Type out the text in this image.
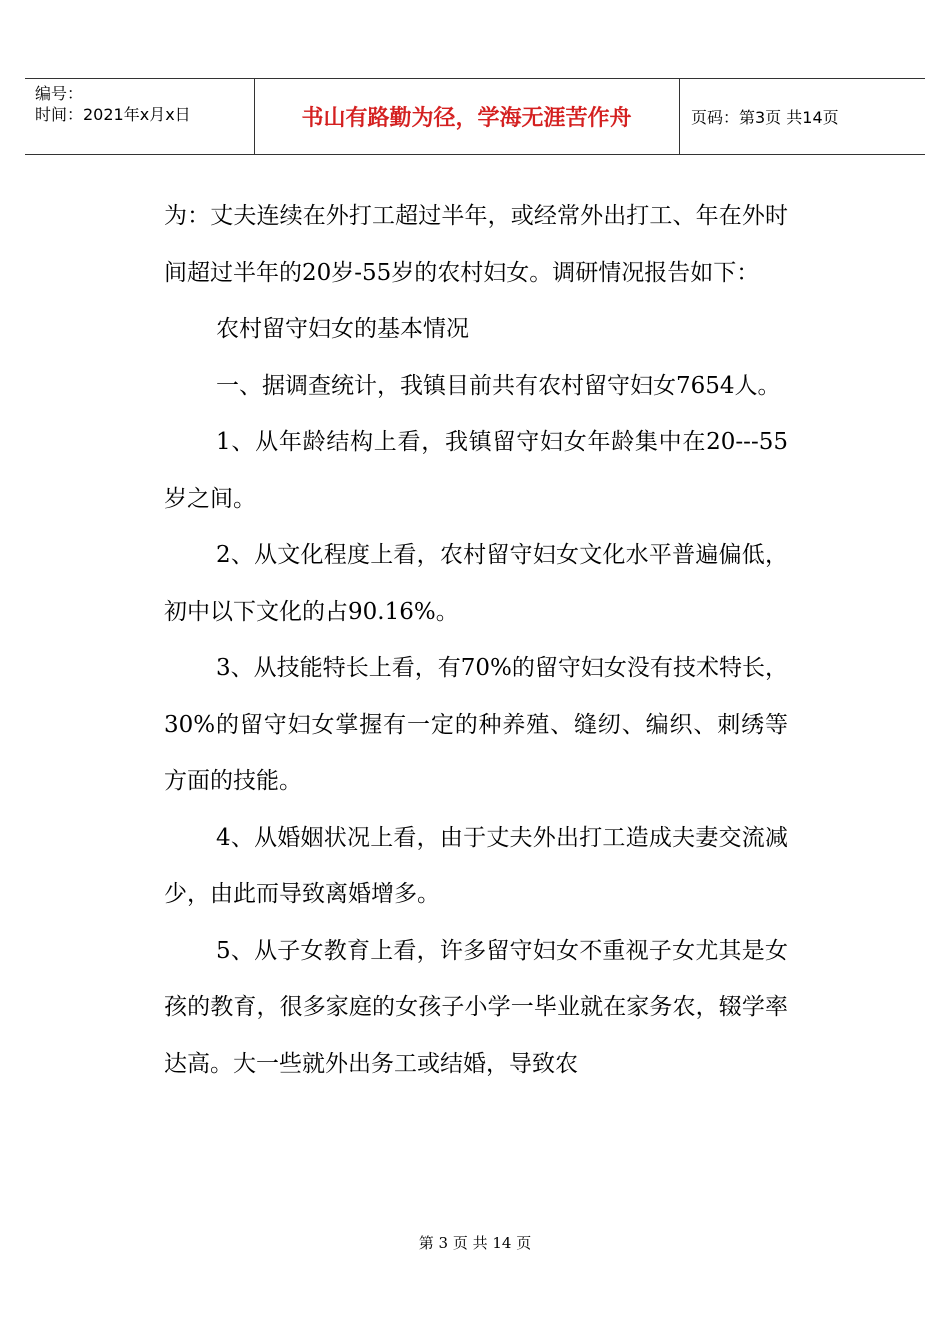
编号：
时间：2021年x月x日	书山有路勤为径，学海无涯苦作舟	页码：第3页 共14页

为：丈夫连续在外打工超过半年，或经常外出打工、年在外时间超过半年的20岁-55岁的农村妇女。调研情况报告如下：

农村留守妇女的基本情况

一、据调查统计，我镇目前共有农村留守妇女7654人。

1、从年龄结构上看，我镇留守妇女年龄集中在20---55岁之间。

2、从文化程度上看，农村留守妇女文化水平普遍偏低，初中以下文化的占90.16%。

3、从技能特长上看，有70%的留守妇女没有技术特长，30%的留守妇女掌握有一定的种养殖、缝纫、编织、刺绣等方面的技能。

4、从婚姻状况上看，由于丈夫外出打工造成夫妻交流减少，由此而导致离婚增多。

5、从子女教育上看，许多留守妇女不重视子女尤其是女孩的教育，很多家庭的女孩子小学一毕业就在家务农，辍学率达高。大一些就外出务工或结婚，导致农

第 3 页 共 14 页
